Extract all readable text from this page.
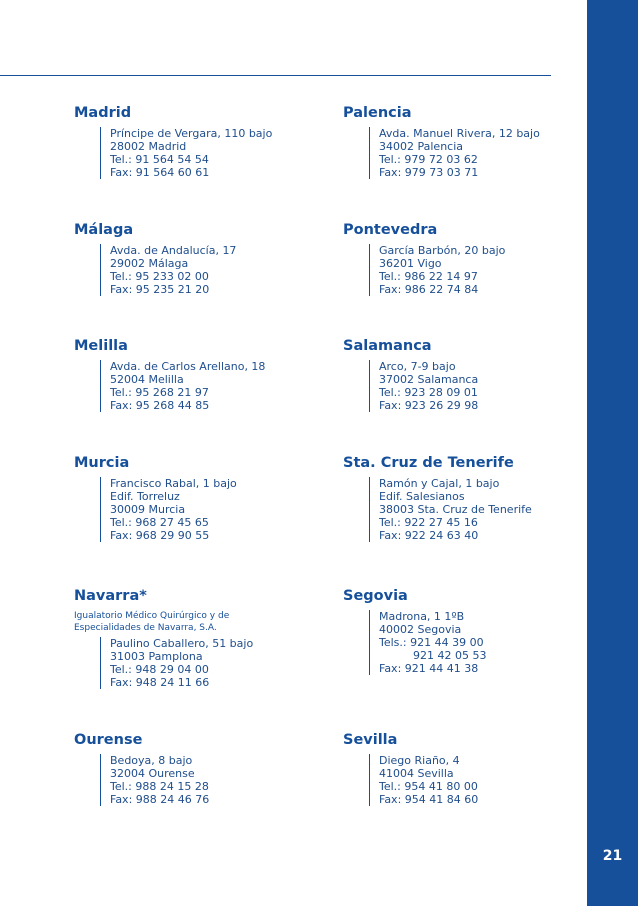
21
Madrid
Príncipe de Vergara, 110 bajo
28002 Madrid
Tel.: 91 564 54 54
Fax: 91 564 60 61
Málaga
Avda. de Andalucía, 17
29002 Málaga
Tel.: 95 233 02 00
Fax: 95 235 21 20
Melilla
Avda. de Carlos Arellano, 18
52004 Melilla
Tel.: 95 268 21 97
Fax: 95 268 44 85
Murcia
Francisco Rabal, 1 bajo
Edif. Torreluz
30009 Murcia
Tel.: 968 27 45 65
Fax: 968 29 90 55
Navarra*
Igualatorio Médico Quirúrgico y de
Especialidades de Navarra, S.A.
Paulino Caballero, 51 bajo
31003 Pamplona
Tel.: 948 29 04 00
Fax: 948 24 11 66
Ourense
Bedoya, 8 bajo
32004 Ourense
Tel.: 988 24 15 28
Fax: 988 24 46 76
Palencia
Avda. Manuel Rivera, 12 bajo
34002 Palencia
Tel.: 979 72 03 62
Fax: 979 73 03 71
Pontevedra
García Barbón, 20 bajo
36201 Vigo
Tel.: 986 22 14 97
Fax: 986 22 74 84
Salamanca
Arco, 7-9 bajo
37002 Salamanca
Tel.: 923 28 09 01
Fax: 923 26 29 98
Sta. Cruz de Tenerife
Ramón y Cajal, 1 bajo
Edif. Salesianos
38003 Sta. Cruz de Tenerife
Tel.: 922 27 45 16
Fax: 922 24 63 40
Segovia
Madrona, 1 1ºB
40002 Segovia
Tels.: 921 44 39 00
921 42 05 53
Fax: 921 44 41 38
Sevilla
Diego Riaño, 4
41004 Sevilla
Tel.: 954 41 80 00
Fax: 954 41 84 60
